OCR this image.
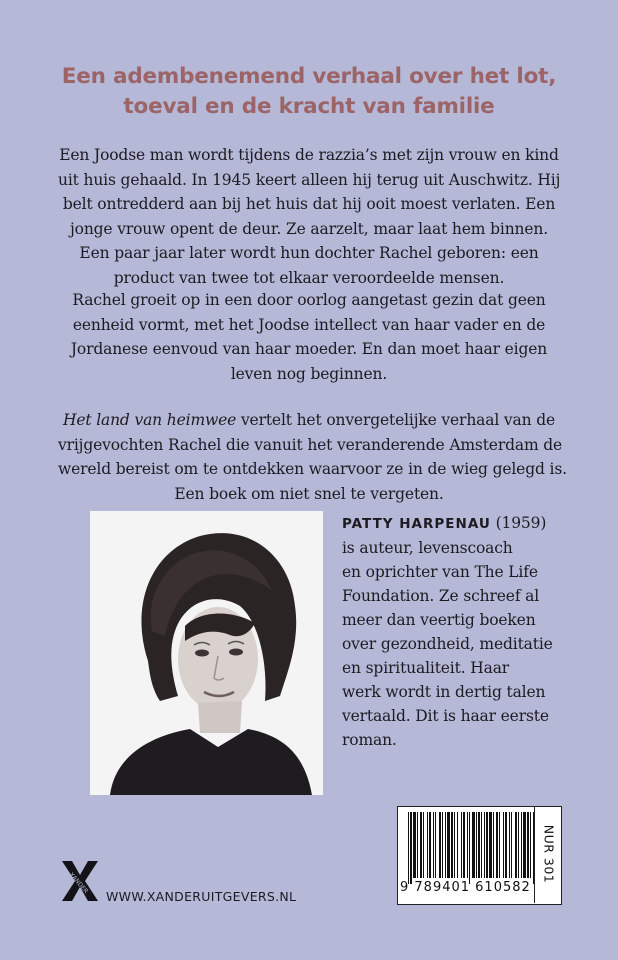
Een adembenemend verhaal over het lot,
toeval en de kracht van familie
Een Joodse man wordt tijdens de razzia’s met zijn vrouw en kind
uit huis gehaald. In 1945 keert alleen hij terug uit Auschwitz. Hij
belt ontredderd aan bij het huis dat hij ooit moest verlaten. Een
jonge vrouw opent de deur. Ze aarzelt, maar laat hem binnen.
Een paar jaar later wordt hun dochter Rachel geboren: een
product van twee tot elkaar veroordeelde mensen.
Rachel groeit op in een door oorlog aangetast gezin dat geen
eenheid vormt, met het Joodse intellect van haar vader en de
Jordanese eenvoud van haar moeder. En dan moet haar eigen
leven nog beginnen.
Het land van heimwee vertelt het onvergetelijke verhaal van de
vrijgevochten Rachel die vanuit het veranderende Amsterdam de
wereld bereist om te ontdekken waarvoor ze in de wieg gelegd is.
Een boek om niet snel te vergeten.
PATTY HARPENAU (1959)
is auteur, levenscoach
en oprichter van The Life
Foundation. Ze schreef al
meer dan veertig boeken
over gezondheid, meditatie
en spiritualiteit. Haar
werk wordt in dertig talen
vertaald. Dit is haar eerste
roman.
9 789401 610582
NUR 301
XANDER
WWW.XANDERUITGEVERS.NL
